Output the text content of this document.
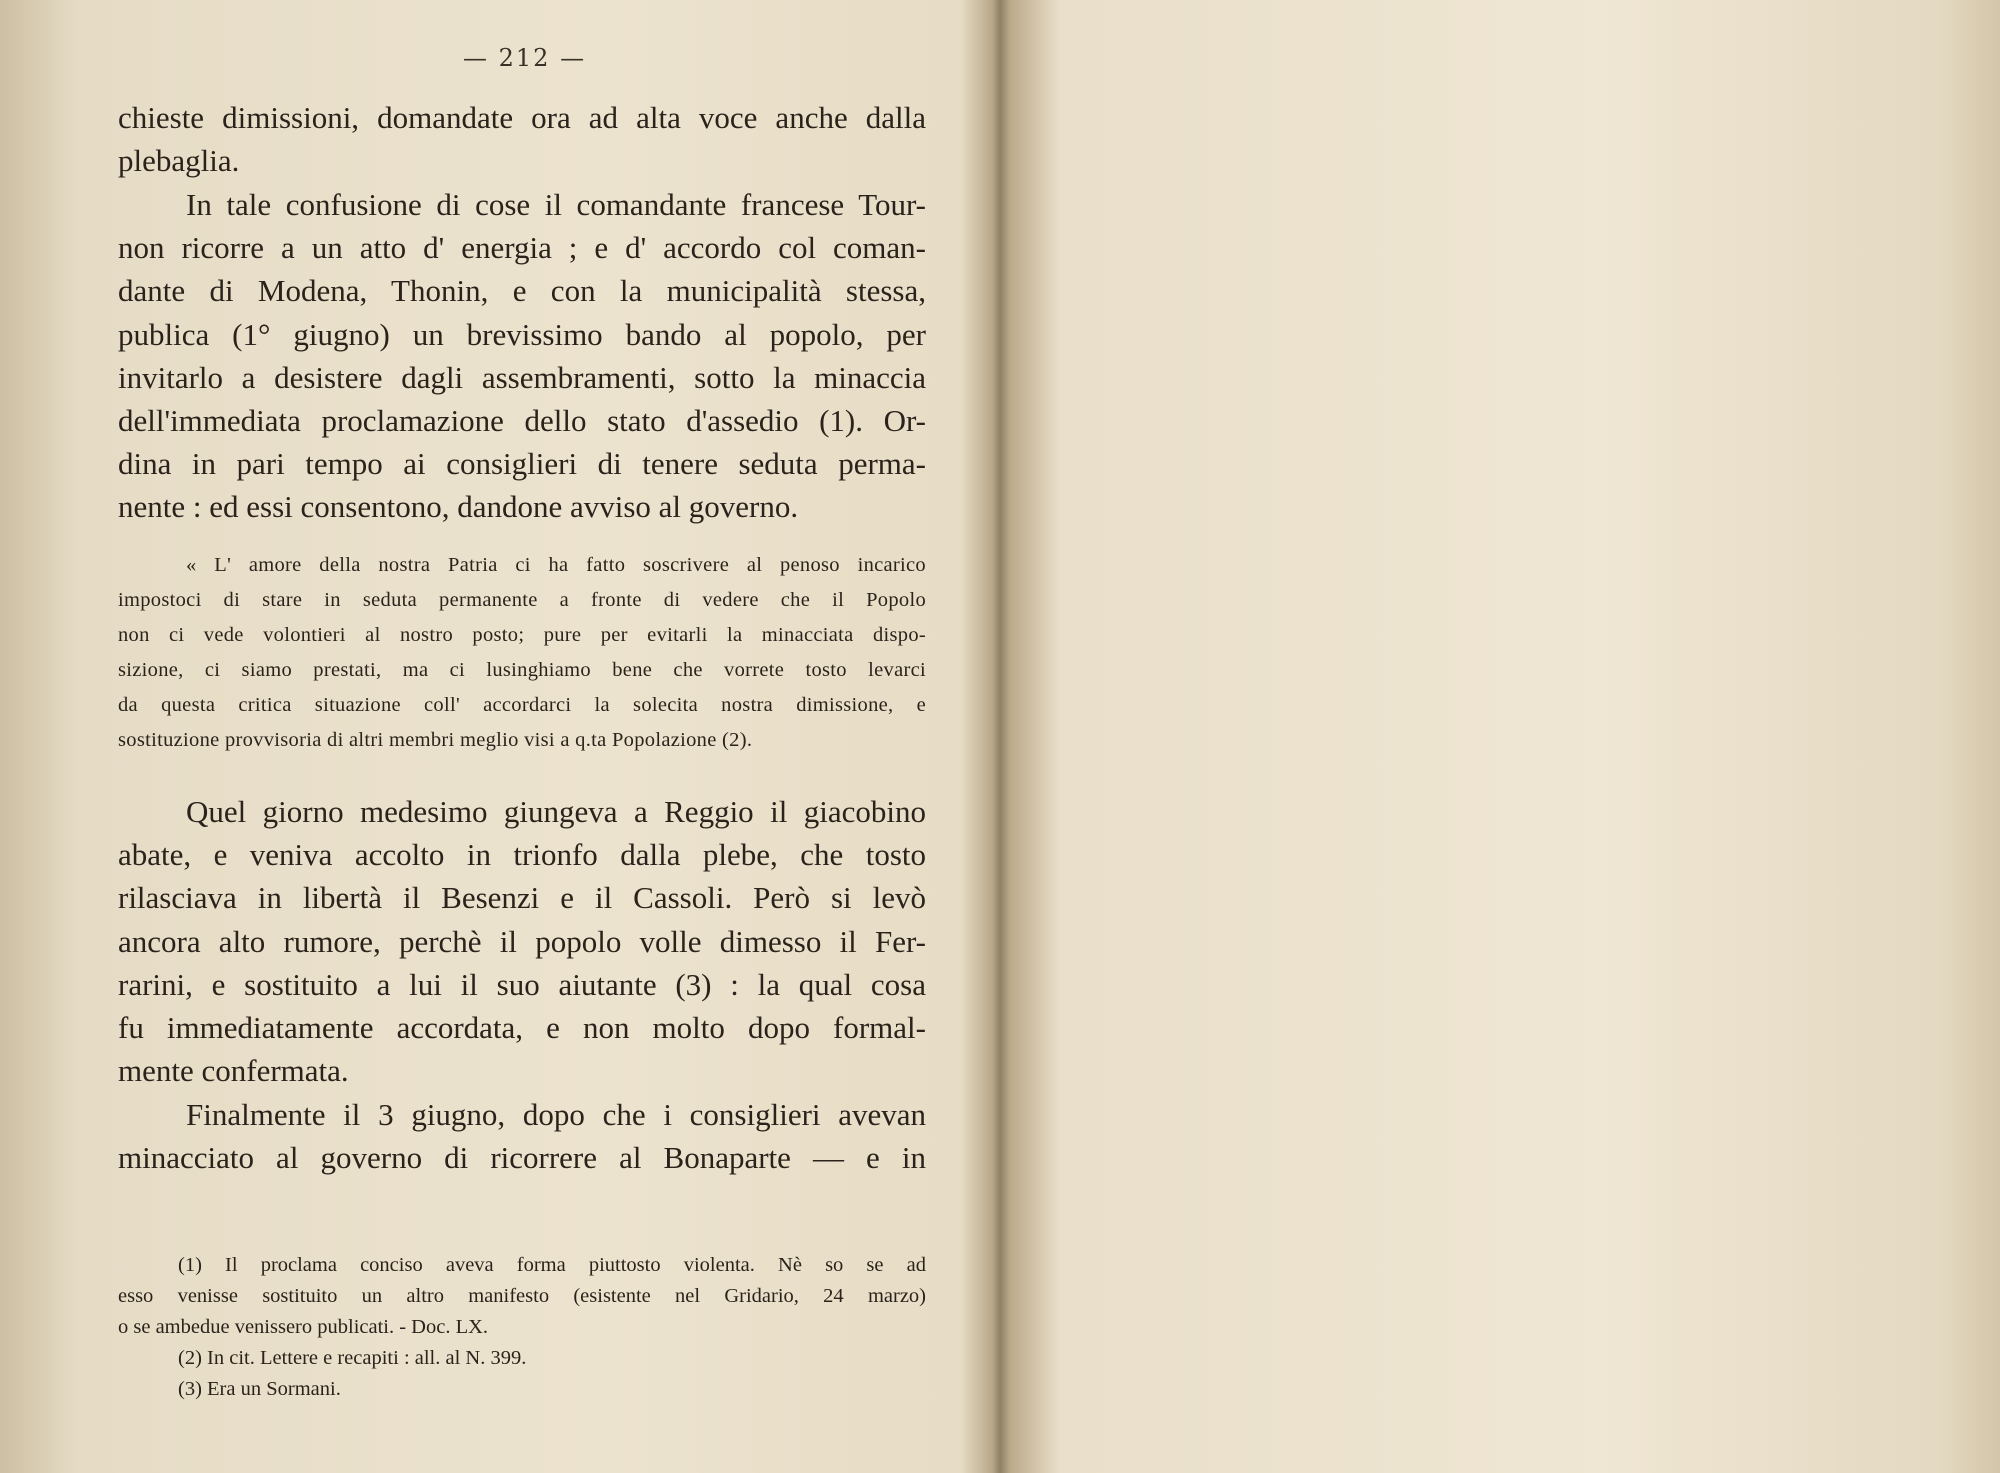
— 212 —

chieste dimissioni, domandate ora ad alta voce anche dalla

plebaglia.

In tale confusione di cose il comandante francese Tour-

non ricorre a un atto d' energia ; e d' accordo col coman-

dante di Modena, Thonin, e con la municipalità stessa,

publica (1° giugno) un brevissimo bando al popolo, per

invitarlo a desistere dagli assembramenti, sotto la minaccia

dell'immediata proclamazione dello stato d'assedio (1). Or-

dina in pari tempo ai consiglieri di tenere seduta perma-

nente : ed essi consentono, dandone avviso al governo.

« L' amore della nostra Patria ci ha fatto soscrivere al penoso incarico

impostoci di stare in seduta permanente a fronte di vedere che il Popolo

non ci vede volontieri al nostro posto; pure per evitarli la minacciata dispo-

sizione, ci siamo prestati, ma ci lusinghiamo bene che vorrete tosto levarci

da questa critica situazione coll' accordarci la solecita nostra dimissione, e

sostituzione provvisoria di altri membri meglio visi a q.ta Popolazione (2).

Quel giorno medesimo giungeva a Reggio il giacobino

abate, e veniva accolto in trionfo dalla plebe, che tosto

rilasciava in libertà il Besenzi e il Cassoli. Però si levò

ancora alto rumore, perchè il popolo volle dimesso il Fer-

rarini, e sostituito a lui il suo aiutante (3) : la qual cosa

fu immediatamente accordata, e non molto dopo formal-

mente confermata.

Finalmente il 3 giugno, dopo che i consiglieri avevan

minacciato al governo di ricorrere al Bonaparte — e in

(1) Il proclama conciso aveva forma piuttosto violenta. Nè so se ad

esso venisse sostituito un altro manifesto (esistente nel Gridario, 24 marzo)

o se ambedue venissero publicati. - Doc. LX.

(2) In cit. Lettere e recapiti : all. al N. 399.

(3) Era un Sormani.
